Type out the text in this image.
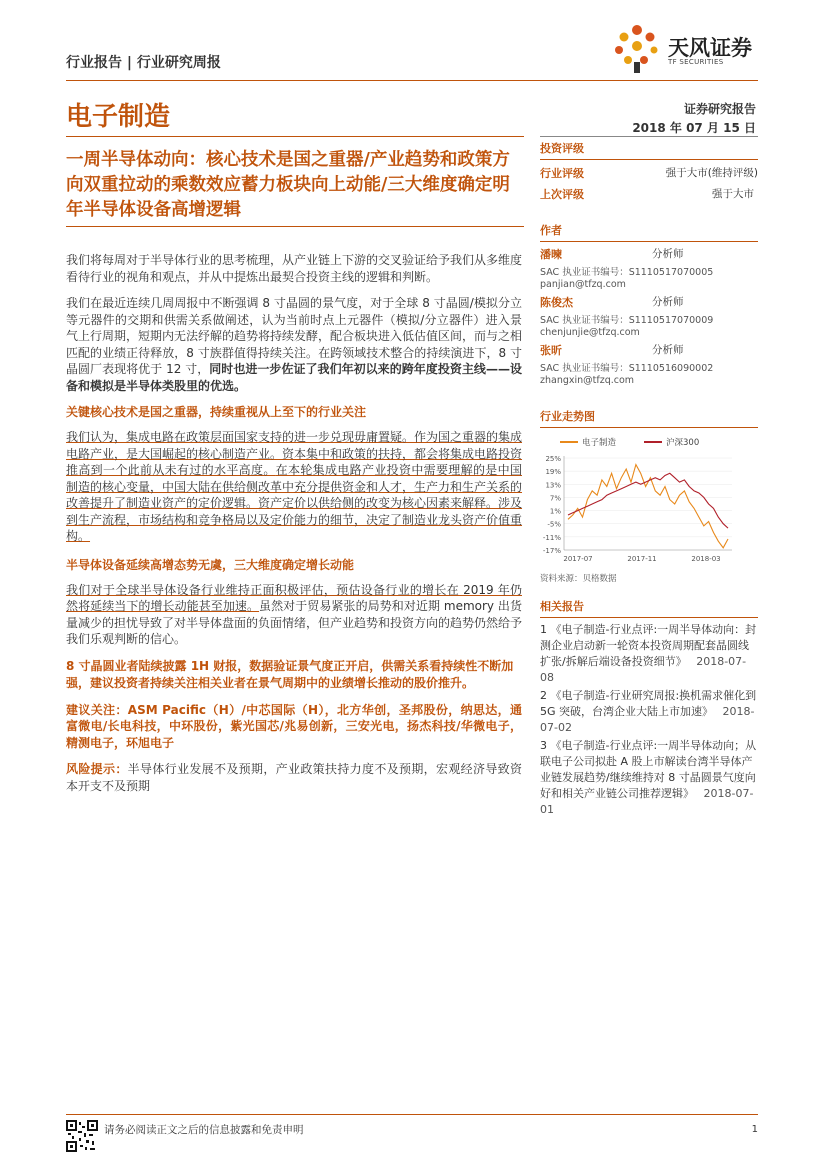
行业报告 | 行业研究周报
天风证券
TF SECURITIES
电子制造	证券研究报告
2018 年 07 月 15 日
一周半导体动向：核心技术是国之重器/产业趋势和政策方向双重拉动的乘数效应蓄力板块向上动能/三大维度确定明年半导体设备高增逻辑

我们将每周对于半导体行业的思考梳理，从产业链上下游的交叉验证给予我们从多维度看待行业的视角和观点，并从中提炼出最契合投资主线的逻辑和判断。

我们在最近连续几周周报中不断强调 8 寸晶圆的景气度，对于全球 8 寸晶圆/模拟分立等元器件的交期和供需关系做阐述，认为当前时点上元器件（模拟/分立器件）进入景气上行周期，短期内无法纾解的趋势将持续发酵，配合板块进入低估值区间，而与之相匹配的业绩正待释放，8 寸族群值得持续关注。在跨领域技术整合的持续演进下，8 寸晶圆厂表现将优于 12 寸，同时也进一步佐证了我们年初以来的跨年度投资主线——设备和模拟是半导体类股里的优选。

关键核心技术是国之重器，持续重视从上至下的行业关注

我们认为，集成电路在政策层面国家支持的进一步兑现毋庸置疑。作为国之重器的集成电路产业，是大国崛起的核心制造产业。资本集中和政策的扶持，都会将集成电路投资推高到一个此前从未有过的水平高度。在本轮集成电路产业投资中需要理解的是中国制造的核心变量，中国大陆在供给侧改革中充分提供资金和人才，生产力和生产关系的改善提升了制造业资产的定价逻辑。资产定价以供给侧的改变为核心因素来解释。涉及到生产流程，市场结构和竞争格局以及定价能力的细节，决定了制造业龙头资产价值重构。

半导体设备延续高增态势无虞，三大维度确定增长动能

我们对于全球半导体设备行业维持正面积极评估，预估设备行业的增长在 2019 年仍然将延续当下的增长动能甚至加速。虽然对于贸易紧张的局势和对近期 memory 出货量减少的担忧导致了对半导体盘面的负面情绪，但产业趋势和投资方向的趋势仍然给予我们乐观判断的信心。

8 寸晶圆业者陆续披露 1H 财报，数据验证景气度正开启，供需关系看持续性不断加强，建议投资者持续关注相关业者在景气周期中的业绩增长推动的股价推升。

建议关注：ASM Pacific（H）/中芯国际（H），北方华创，圣邦股份，纳思达，通富微电/长电科技，中环股份，紫光国芯/兆易创新，三安光电，扬杰科技/华微电子，精测电子，环旭电子

风险提示：半导体行业发展不及预期，产业政策扶持力度不及预期，宏观经济导致资本开支不及预期

投资评级
行业评级	强于大市(维持评级)
上次评级	强于大市
作者
潘暕	分析师
SAC 执业证书编号：S1110517070005
panjian@tfzq.com
陈俊杰	分析师
SAC 执业证书编号：S1110517070009
chenjunjie@tfzq.com
张昕	分析师
SAC 执业证书编号：S1110516090002
zhangxin@tfzq.com
行业走势图
电子制造	沪深300
25%
19%
13%
7%
1%
-5%
-11%
-17%
2017-07	2017-11	2018-03
资料来源：贝格数据
相关报告
1 《电子制造-行业点评:一周半导体动向：封测企业启动新一轮资本投资周期配套晶圆线扩张/拆解后端设备投资细节》 2018-07-08
2 《电子制造-行业研究周报:换机需求催化到 5G 突破，台湾企业大陆上市加速》 2018-07-02
3 《电子制造-行业点评:一周半导体动向；从联电子公司拟赴 A 股上市解读台湾半导体产业链发展趋势/继续维持对 8 寸晶圆景气度向好和相关产业链公司推荐逻辑》 2018-07-01
请务必阅读正文之后的信息披露和免责申明	1
